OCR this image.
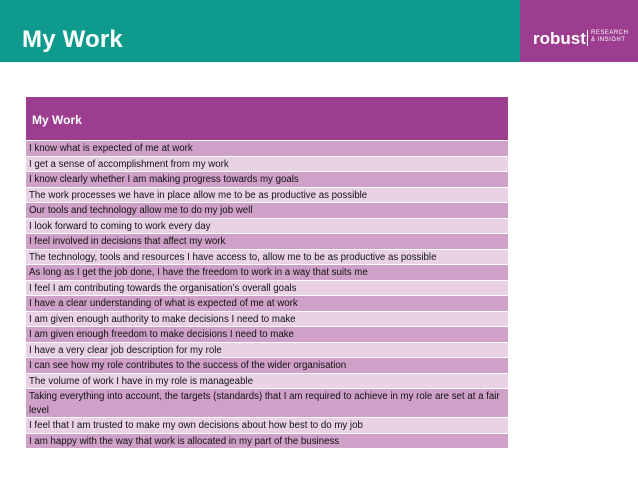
My Work	robust RESEARCH
& INSIGHT
My Work
I know what is expected of me at work
I get a sense of accomplishment from my work
I know clearly whether I am making progress towards my goals
The work processes we have in place allow me to be as productive as possible
Our tools and technology allow me to do my job well
I look forward to coming to work every day
I feel involved in decisions that affect my work
The technology, tools and resources I have access to, allow me to be as productive as possible
As long as I get the job done, I have the freedom to work in a way that suits me
I feel I am contributing towards the organisation’s overall goals
I have a clear understanding of what is expected of me at work
I am given enough authority to make decisions I need to make
I am given enough freedom to make decisions I need to make
I have a very clear job description for my role
I can see how my role contributes to the success of the wider organisation
The volume of work I have in my role is manageable
Taking everything into account, the targets (standards) that I am required to achieve in my role are set at a fair level
I feel that I am trusted to make my own decisions about how best to do my job
I am happy with the way that work is allocated in my part of the business
